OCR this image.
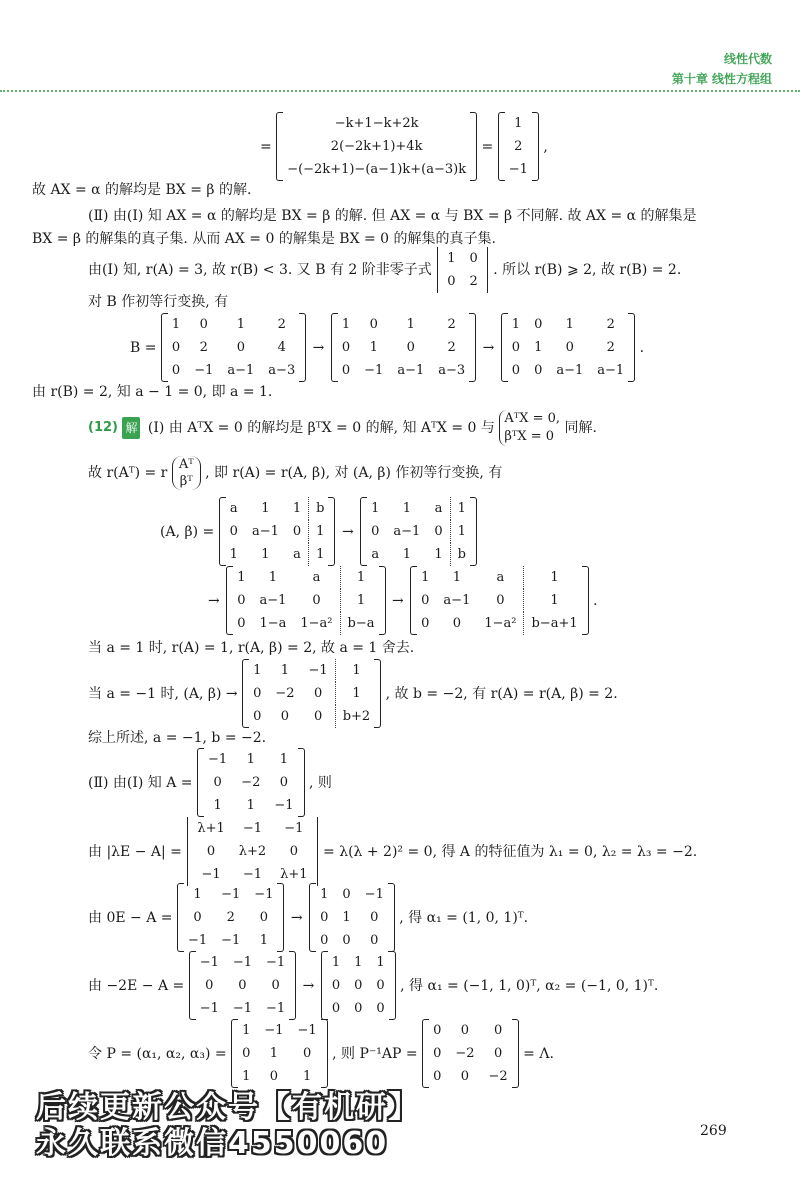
线性代数
第十章 线性方程组
=
−k+1−k+2k
2(−2k+1)+4k
−(−2k+1)−(a−1)k+(a−3)k
=
1
2
−1
,
故 AX = α 的解均是 BX = β 的解.
(Ⅱ) 由(Ⅰ) 知 AX = α 的解均是 BX = β 的解. 但 AX = α 与 BX = β 不同解. 故 AX = α 的解集是
BX = β 的解集的真子集. 从而 AX = 0 的解集是 BX = 0 的解集的真子集.
由(Ⅰ) 知, r(A) = 3, 故 r(B) < 3. 又 B 有 2 阶非零子式
1	0
0	2
. 所以 r(B) ⩾ 2, 故 r(B) = 2.
对 B 作初等行变换, 有
B =
1	0	1	2
0	2	0	4
0	−1	a−1	a−3
→
1	0	1	2
0	1	0	2
0	−1	a−1	a−3
→
1	0	1	2
0	1	0	2
0	0	a−1	a−1
.
由 r(B) = 2, 知 a − 1 = 0, 即 a = 1.
(12) 解 (Ⅰ) 由 AᵀX = 0 的解均是 βᵀX = 0 的解, 知 AᵀX = 0 与
AᵀX = 0,
βᵀX = 0
同解.
故 r(Aᵀ) = r
Aᵀ
βᵀ
, 即 r(A) = r(A, β), 对 (A, β) 作初等行变换, 有
(A, β) =
a	1	1	b
0	a−1	0	1
1	1	a	1
→
1	1	a	1
0	a−1	0	1
a	1	1	b
→
1	1	a	1
0	a−1	0	1
0	1−a	1−a²	b−a
→
1	1	a	1
0	a−1	0	1
0	0	1−a²	b−a+1
.
当 a = 1 时, r(A) = 1, r(A, β) = 2, 故 a = 1 舍去.
当 a = −1 时, (A, β) →
1	1	−1	1
0	−2	0	1
0	0	0	b+2
, 故 b = −2, 有 r(A) = r(A, β) = 2.
综上所述, a = −1, b = −2.
(Ⅱ) 由(Ⅰ) 知 A =
−1	1	1
0	−2	0
1	1	−1
, 则
由 |λE − A| =
λ+1	−1	−1
0	λ+2	0
−1	−1	λ+1
= λ(λ + 2)² = 0, 得 A 的特征值为 λ₁ = 0, λ₂ = λ₃ = −2.
由 0E − A =
1	−1	−1
0	2	0
−1	−1	1
→
1	0	−1
0	1	0
0	0	0
, 得 α₁ = (1, 0, 1)ᵀ.
由 −2E − A =
−1	−1	−1
0	0	0
−1	−1	−1
→
1	1	1
0	0	0
0	0	0
, 得 α₁ = (−1, 1, 0)ᵀ, α₂ = (−1, 0, 1)ᵀ.
令 P = (α₁, α₂, α₃) =
1	−1	−1
0	1	0
1	0	1
, 则 P⁻¹AP =
0	0	0
0	−2	0
0	0	−2
= Λ.
后续更新公众号【有机研】
永久联系微信4550060	269
